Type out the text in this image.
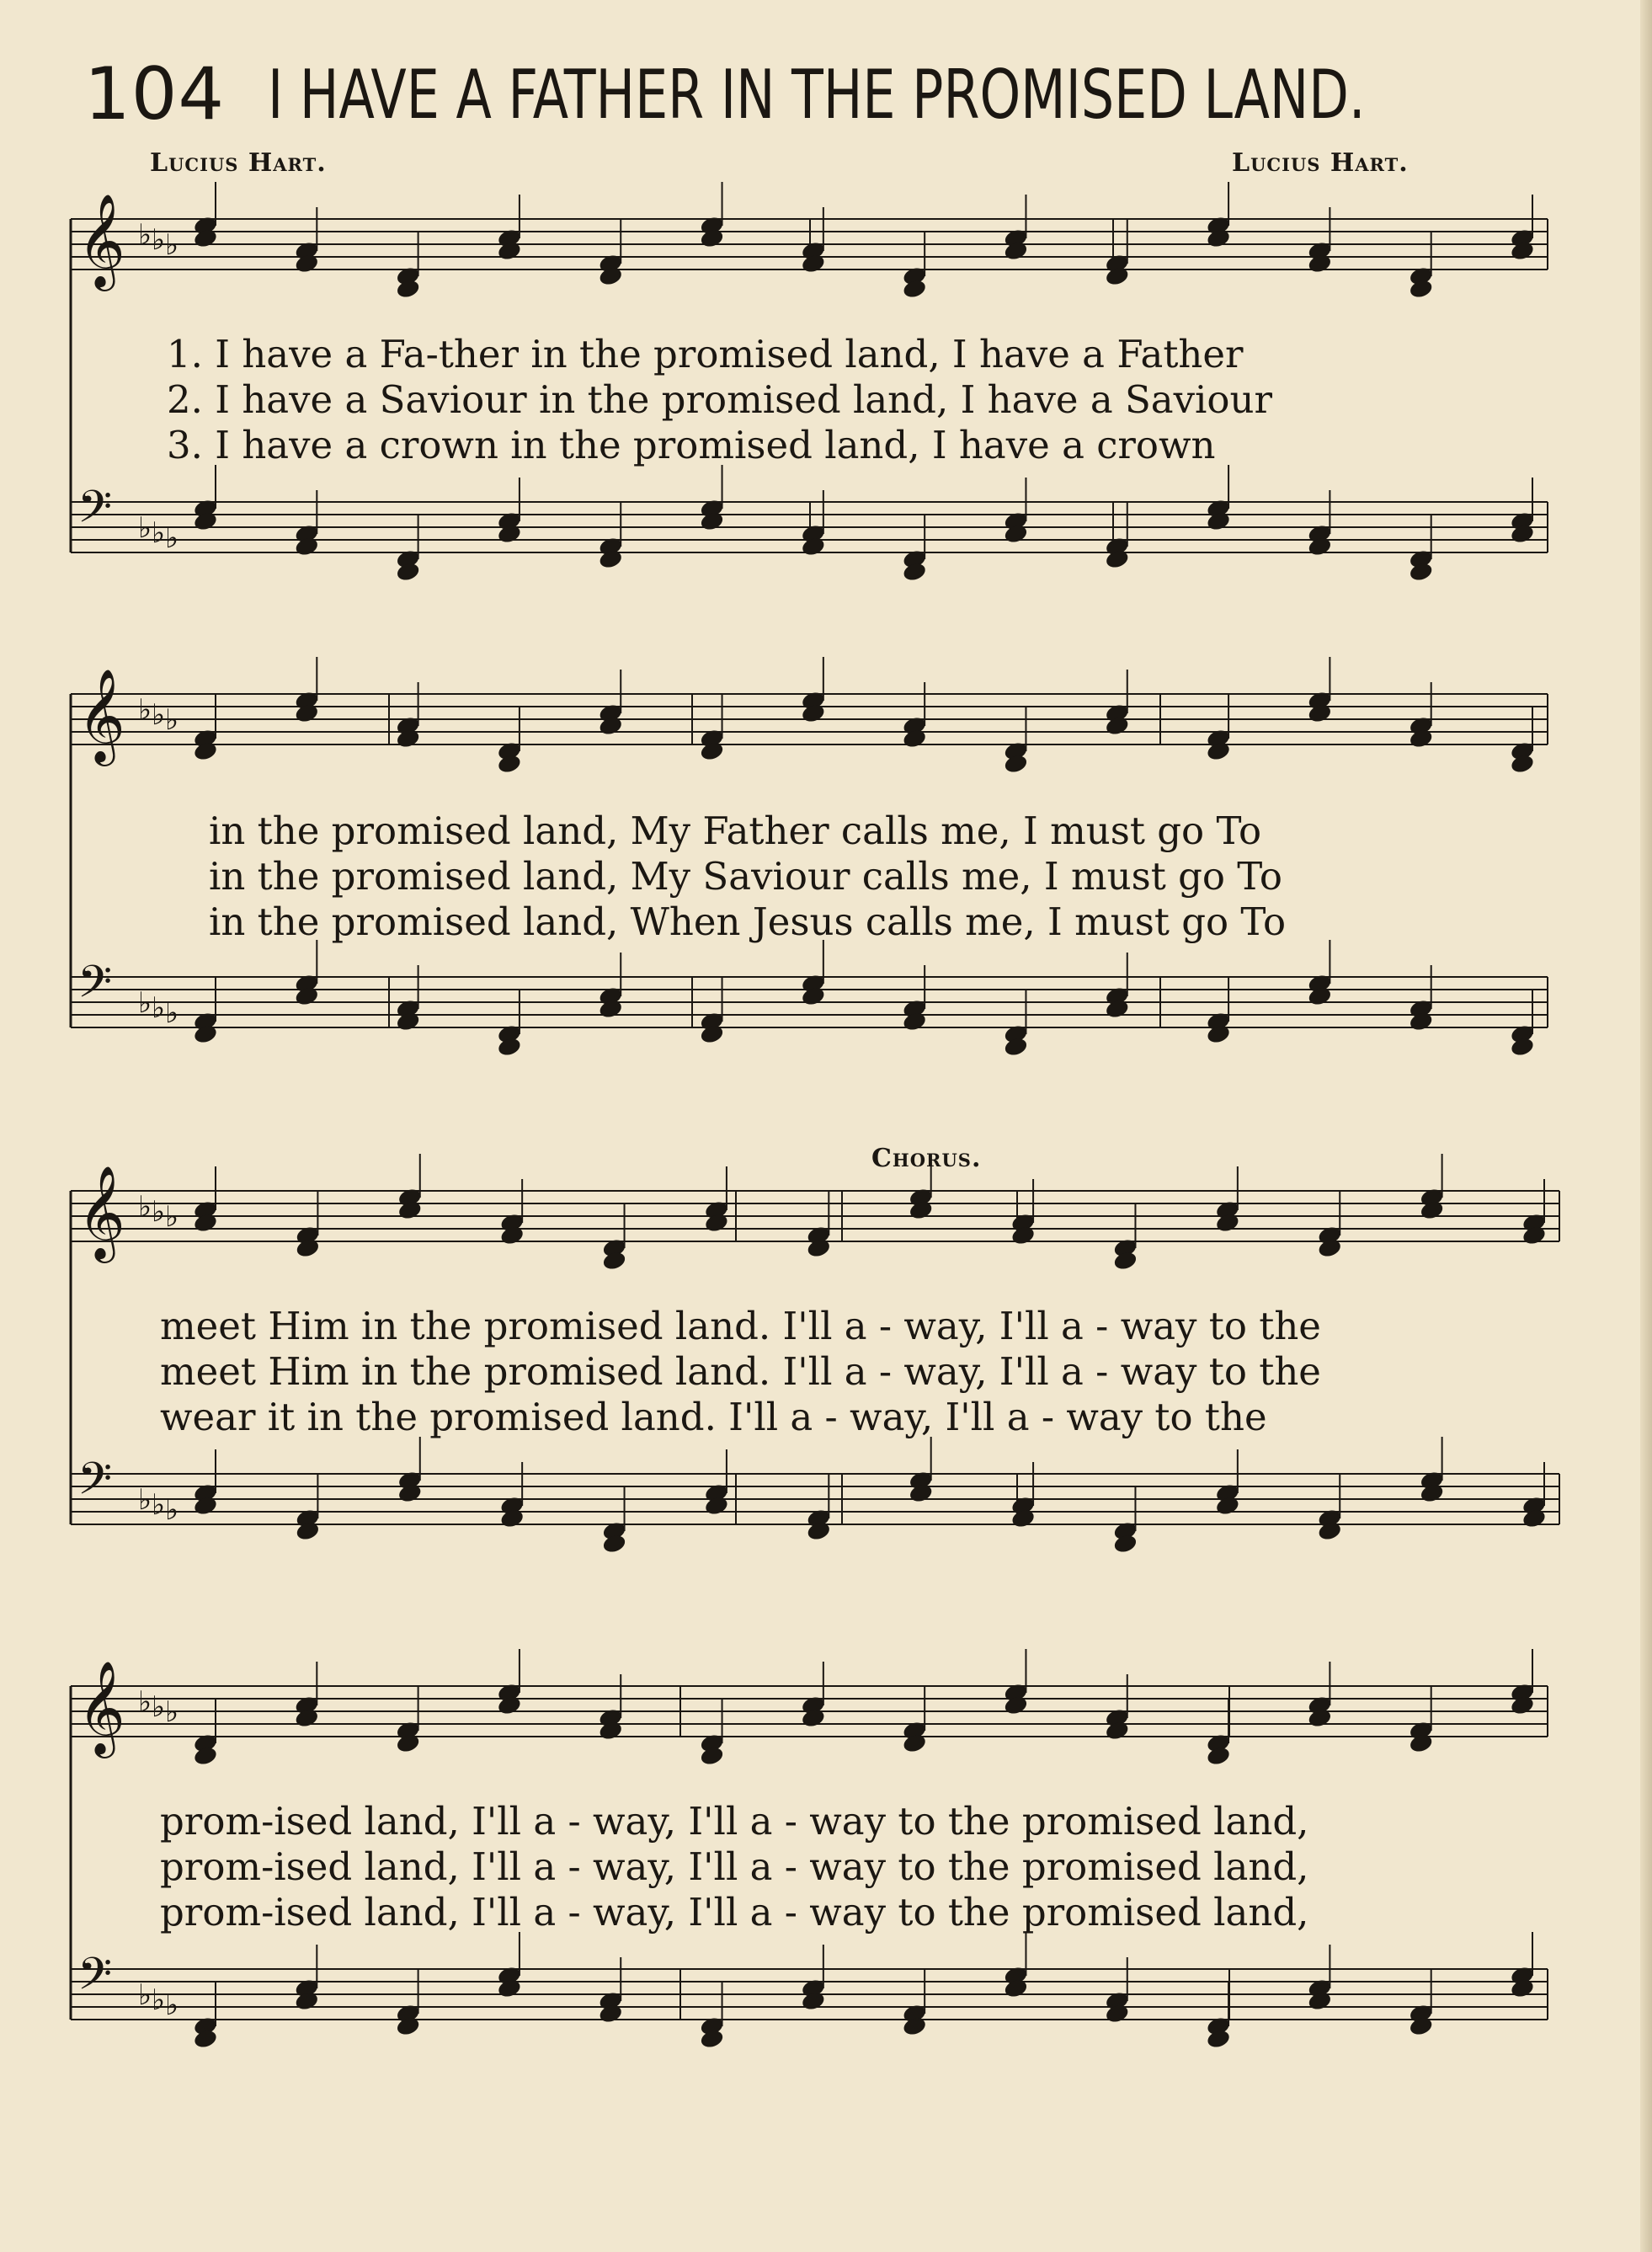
104 I HAVE A FATHER IN THE PROMISED LAND.
Lucius Hart.	Lucius Hart.
Chorus.
𝄞 ♭ ♭ ♭
𝄢 ♭ ♭ ♭
𝄞 ♭ ♭ ♭
𝄢 ♭ ♭ ♭
𝄞 ♭ ♭ ♭
𝄢 ♭ ♭ ♭
𝄞 ♭ ♭ ♭
𝄢 ♭ ♭ ♭
1. I have a Fa-ther in the promised land, I have a Father
2. I have a Saviour in the promised land, I have a Saviour
3. I have a crown in the promised land, I have a crown
in the promised land, My Father calls me, I must go To
in the promised land, My Saviour calls me, I must go To
in the promised land, When Jesus calls me, I must go To
meet Him in the promised land. I'll a - way, I'll a - way to the
meet Him in the promised land. I'll a - way, I'll a - way to the
wear it in the promised land. I'll a - way, I'll a - way to the
prom-ised land, I'll a - way, I'll a - way to the promised land,
prom-ised land, I'll a - way, I'll a - way to the promised land,
prom-ised land, I'll a - way, I'll a - way to the promised land,
